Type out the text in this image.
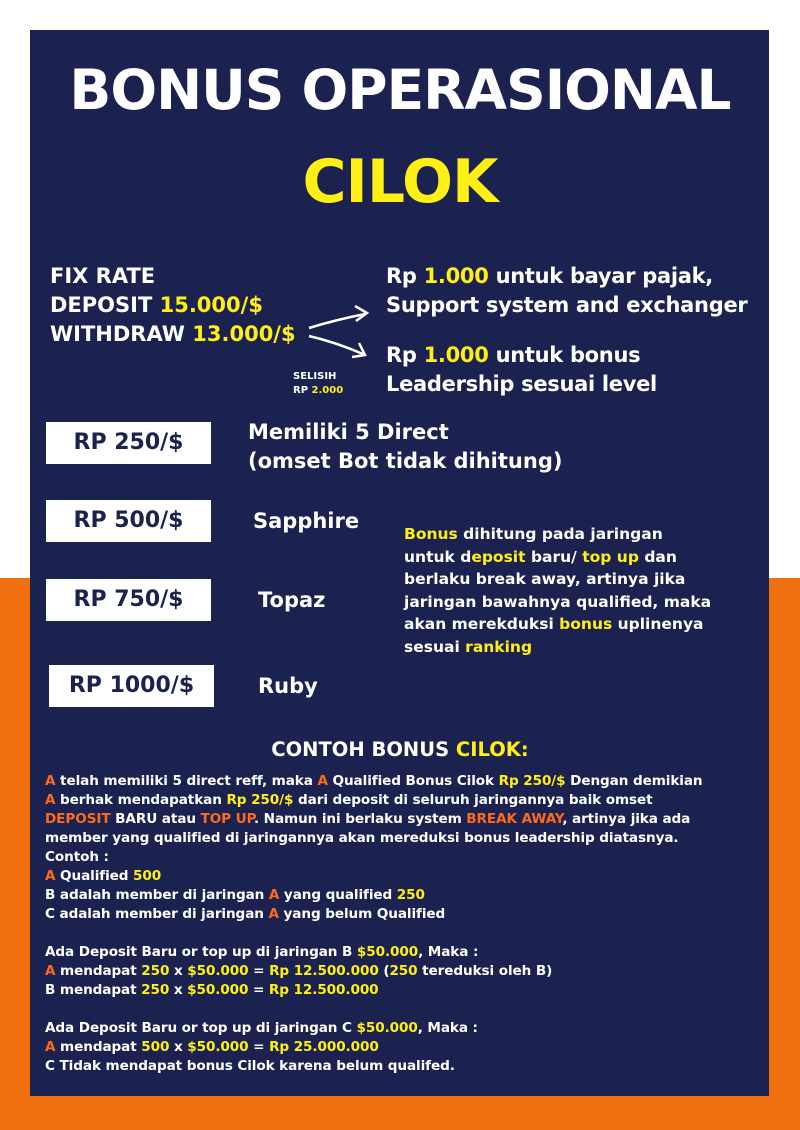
BONUS OPERASIONAL
CILOK
FIX RATE
DEPOSIT 15.000/$
WITHDRAW 13.000/$
SELISIH
RP 2.000
Rp 1.000 untuk bayar pajak,
Support system and exchanger
Rp 1.000 untuk bonus
Leadership sesuai level
RP 250/$	Memiliki 5 Direct
(omset Bot tidak dihitung)
RP 500/$	Sapphire
RP 750/$	Topaz
RP 1000/$	Ruby
Bonus dihitung pada jaringan
untuk deposit baru/ top up dan
berlaku break away, artinya jika
jaringan bawahnya qualified, maka
akan merekduksi bonus uplinenya
sesuai ranking
CONTOH BONUS CILOK:
A telah memiliki 5 direct reff, maka A Qualified Bonus Cilok Rp 250/$ Dengan demikian
A berhak mendapatkan Rp 250/$ dari deposit di seluruh jaringannya baik omset
DEPOSIT BARU atau TOP UP. Namun ini berlaku system BREAK AWAY, artinya jika ada
member yang qualified di jaringannya akan mereduksi bonus leadership diatasnya.
Contoh :
A Qualified 500
B adalah member di jaringan A yang qualified 250
C adalah member di jaringan A yang belum Qualified
Ada Deposit Baru or top up di jaringan B $50.000, Maka :
A mendapat 250 x $50.000 = Rp 12.500.000 (250 tereduksi oleh B)
B mendapat 250 x $50.000 = Rp 12.500.000
Ada Deposit Baru or top up di jaringan C $50.000, Maka :
A mendapat 500 x $50.000 = Rp 25.000.000
C Tidak mendapat bonus Cilok karena belum qualifed.
